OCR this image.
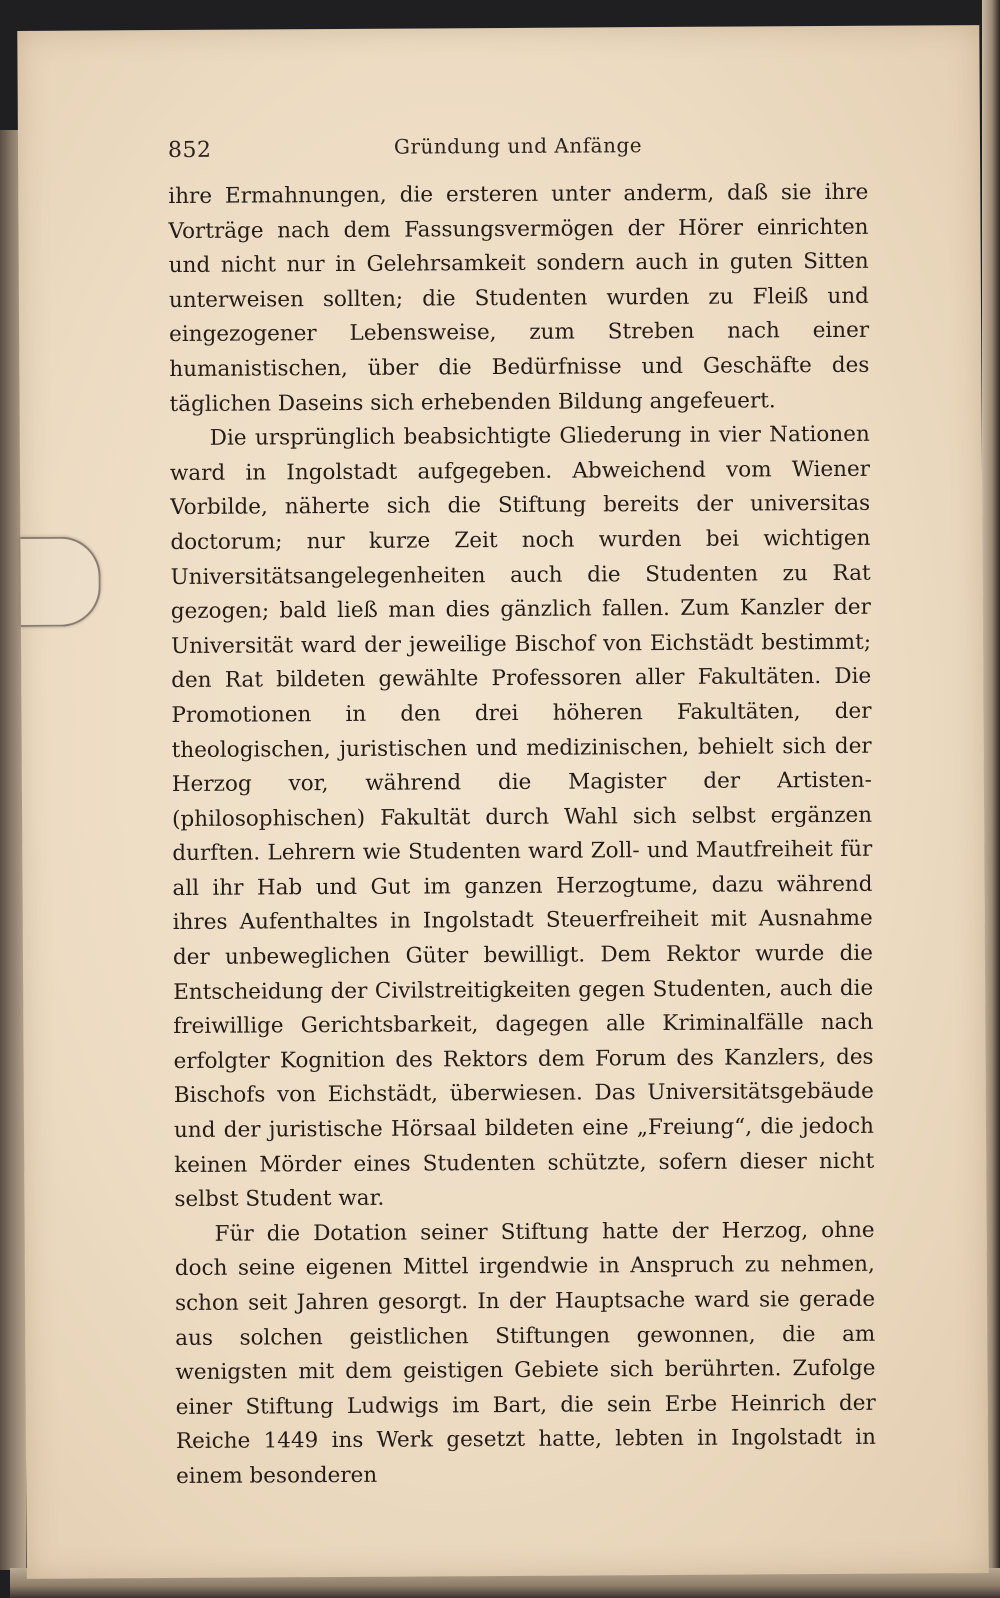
852	Gründung und Anfänge

ihre Ermahnungen, die ersteren unter anderm, daß sie ihre Vorträge nach dem Fassungsvermögen der Hörer einrichten und nicht nur in Gelehrsamkeit sondern auch in guten Sitten unterweisen sollten; die Studenten wurden zu Fleiß und eingezogener Lebensweise, zum Streben nach einer humanistischen, über die Bedürfnisse und Geschäfte des täglichen Daseins sich erhebenden Bildung angefeuert.

Die ursprünglich beabsichtigte Gliederung in vier Nationen ward in Ingolstadt aufgegeben. Abweichend vom Wiener Vorbilde, näherte sich die Stiftung bereits der universitas doctorum; nur kurze Zeit noch wurden bei wichtigen Universitätsangelegenheiten auch die Studenten zu Rat gezogen; bald ließ man dies gänzlich fallen. Zum Kanzler der Universität ward der jeweilige Bischof von Eichstädt bestimmt; den Rat bildeten gewählte Professoren aller Fakultäten. Die Promotionen in den drei höheren Fakultäten, der theologischen, juristischen und medizinischen, behielt sich der Herzog vor, während die Magister der Artisten- (philosophischen) Fakultät durch Wahl sich selbst ergänzen durften. Lehrern wie Studenten ward Zoll- und Mautfreiheit für all ihr Hab und Gut im ganzen Herzogtume, dazu während ihres Aufenthaltes in Ingolstadt Steuerfreiheit mit Ausnahme der unbeweglichen Güter bewilligt. Dem Rektor wurde die Entscheidung der Civilstreitigkeiten gegen Studenten, auch die freiwillige Gerichtsbarkeit, dagegen alle Kriminalfälle nach erfolgter Kognition des Rektors dem Forum des Kanzlers, des Bischofs von Eichstädt, überwiesen. Das Universitätsgebäude und der juristische Hörsaal bildeten eine „Freiung“, die jedoch keinen Mörder eines Studenten schützte, sofern dieser nicht selbst Student war.

Für die Dotation seiner Stiftung hatte der Herzog, ohne doch seine eigenen Mittel irgendwie in Anspruch zu nehmen, schon seit Jahren gesorgt. In der Hauptsache ward sie gerade aus solchen geistlichen Stiftungen gewonnen, die am wenigsten mit dem geistigen Gebiete sich berührten. Zufolge einer Stiftung Ludwigs im Bart, die sein Erbe Heinrich der Reiche 1449 ins Werk gesetzt hatte, lebten in Ingolstadt in einem besonderen
